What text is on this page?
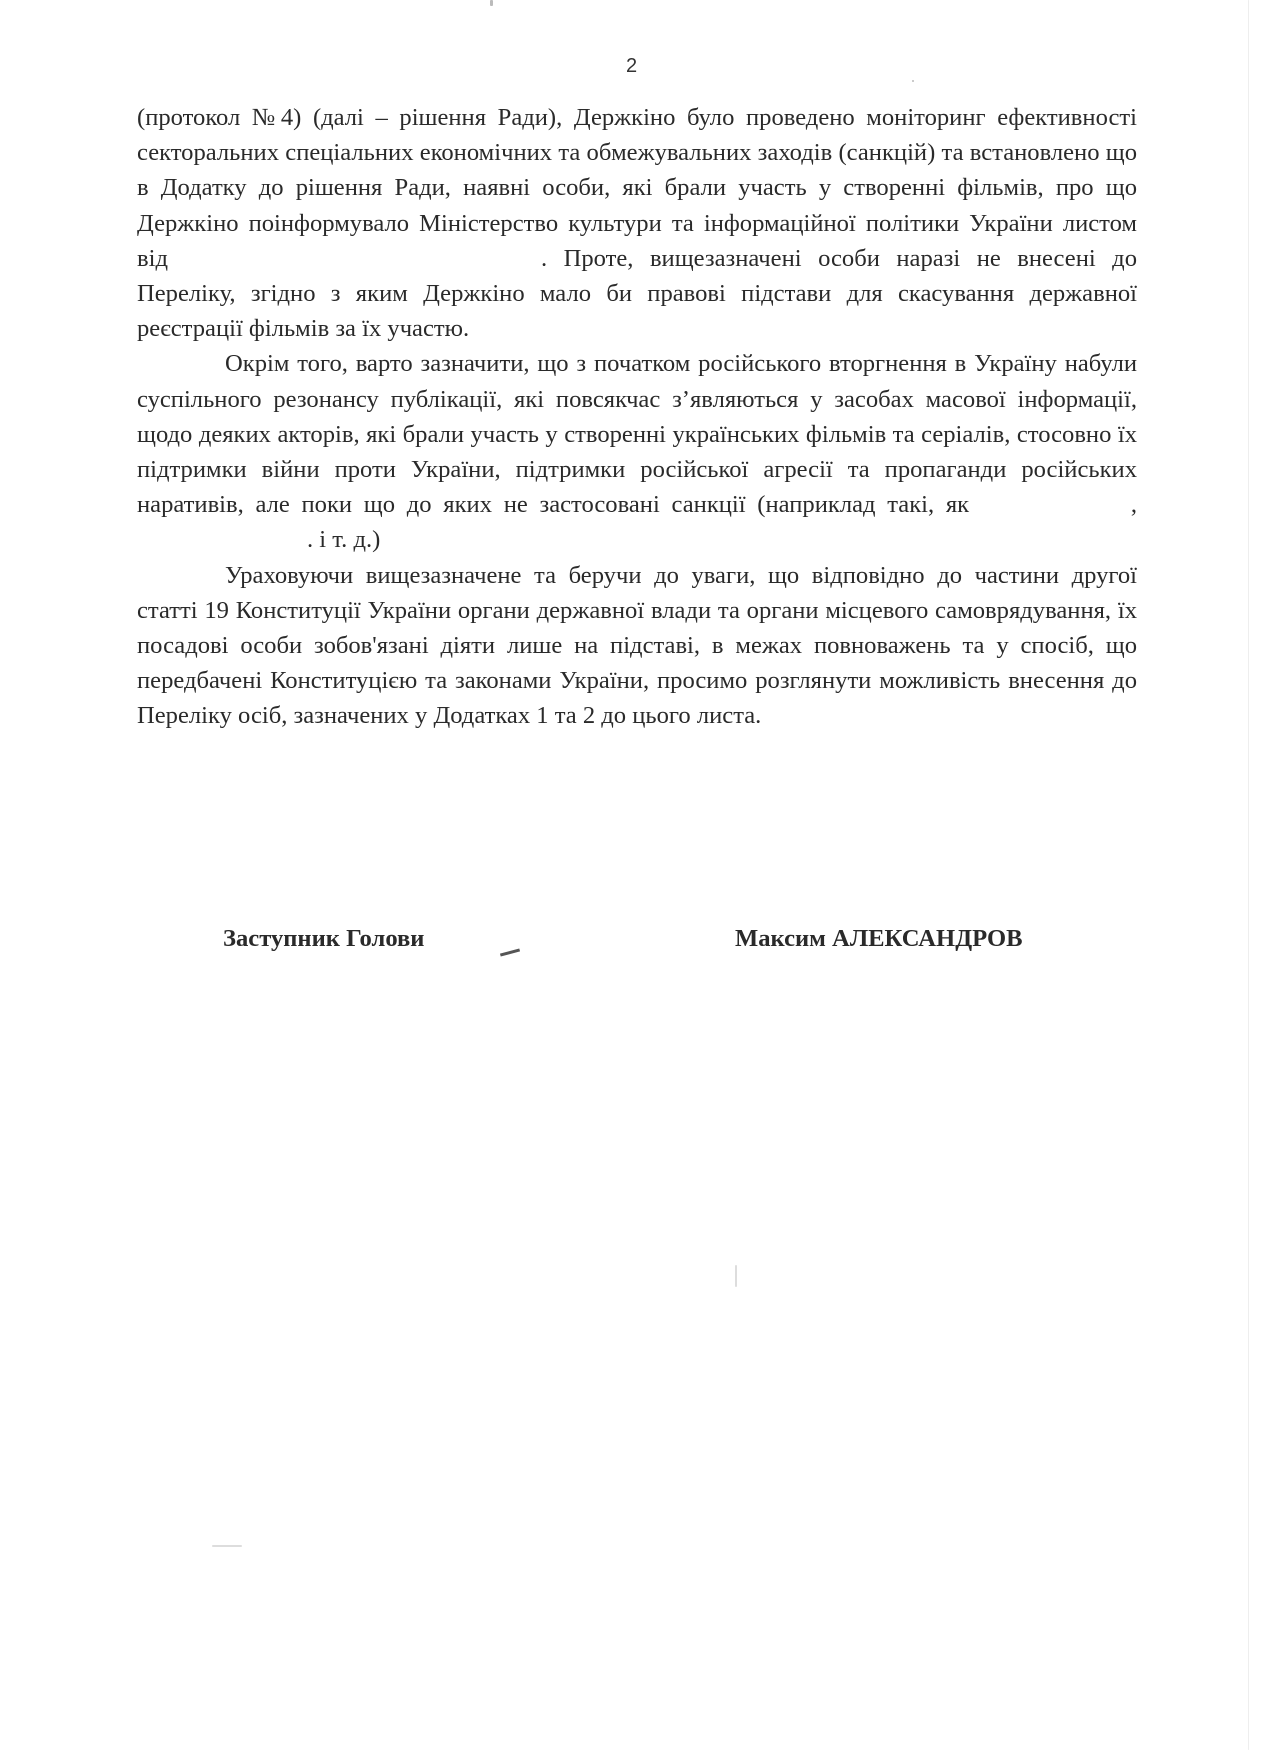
2

(протокол №4) (далі – рішення Ради), Держкіно було проведено моніторинг ефективності секторальних спеціальних економічних та обмежувальних заходів (санкцій) та встановлено що в Додатку до рішення Ради, наявні особи, які брали участь у створенні фільмів, про що Держкіно поінформувало Міністерство культури та інформаційної політики України листом від	. Проте, вищезазначені особи наразі не внесені до Переліку, згідно з яким Держкіно мало би правові підстави для скасування державної реєстрації фільмів за їх участю.

Окрім того, варто зазначити, що з початком російського вторгнення в Україну набули суспільного резонансу публікації, які повсякчас з’являються у засобах масової інформації, щодо деяких акторів, які брали участь у створенні українських фільмів та серіалів, стосовно їх підтримки війни проти України, підтримки російської агресії та пропаганди російських наративів, але поки що до яких не застосовані санкції (наприклад такі, як	, . і т. д.)

Ураховуючи вищезазначене та беручи до уваги, що відповідно до частини другої статті 19 Конституції України органи державної влади та органи місцевого самоврядування, їх посадові особи зобов'язані діяти лише на підставі, в межах повноважень та у спосіб, що передбачені Конституцією та законами України, просимо розглянути можливість внесення до Переліку осіб, зазначених у Додатках 1 та 2 до цього листа.

Заступник Голови	Максим АЛЕКСАНДРОВ
